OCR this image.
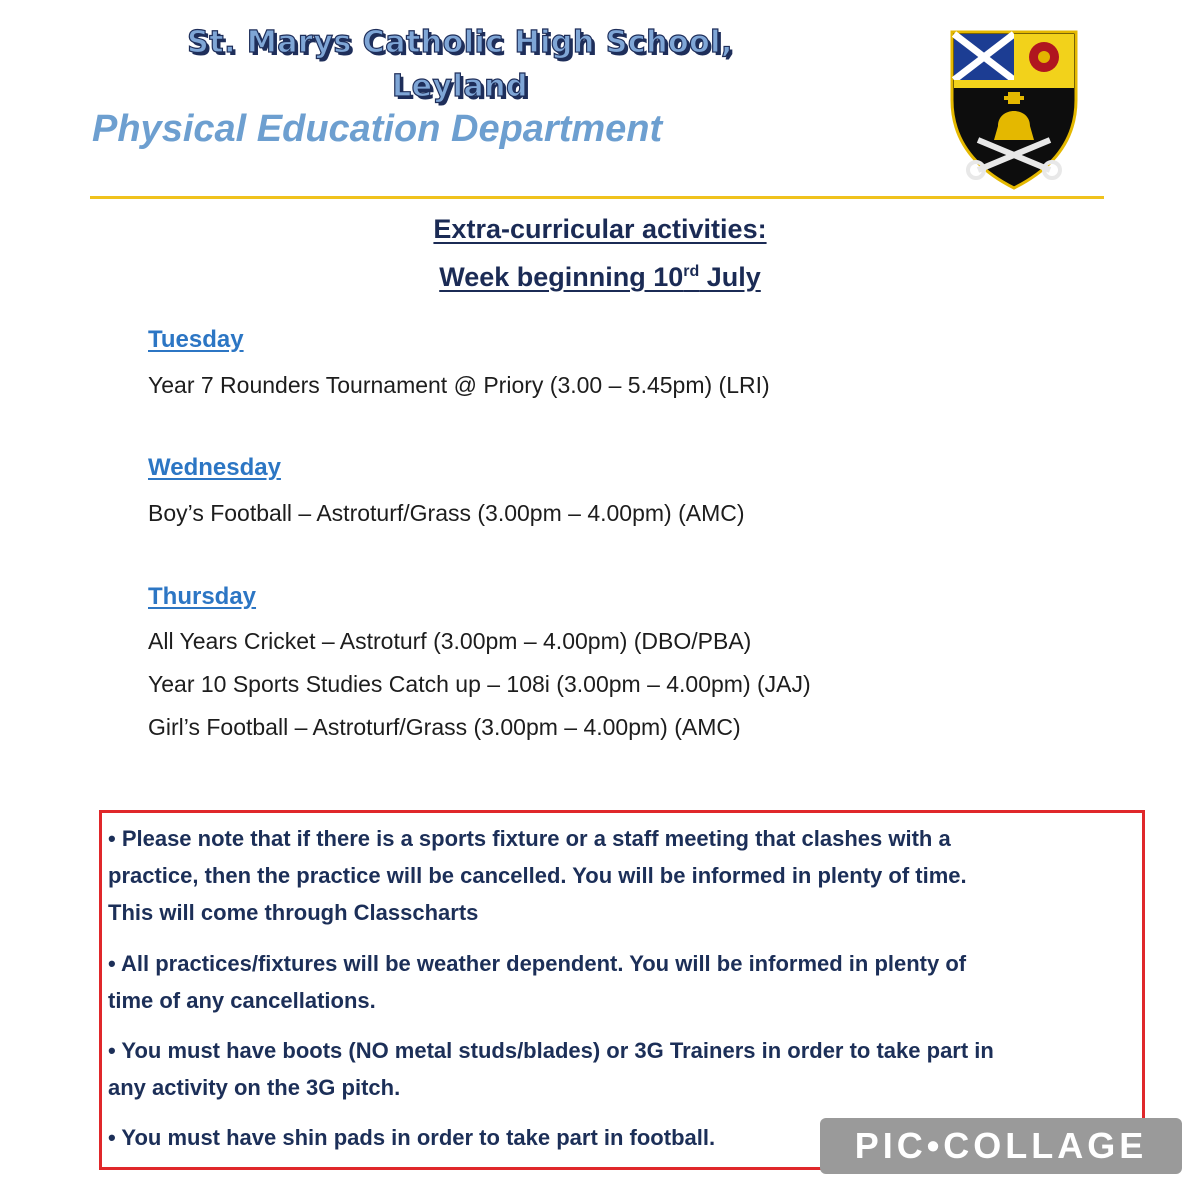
St. Marys Catholic High School,
Leyland
Physical Education Department
Extra-curricular activities:
Week beginning 10rd July
Tuesday
Year 7 Rounders Tournament @ Priory (3.00 – 5.45pm) (LRI)
Wednesday
Boy’s Football – Astroturf/Grass (3.00pm – 4.00pm) (AMC)
Thursday
All Years Cricket – Astroturf (3.00pm – 4.00pm) (DBO/PBA)
Year 10 Sports Studies Catch up – 108i (3.00pm – 4.00pm) (JAJ)
Girl’s Football – Astroturf/Grass (3.00pm – 4.00pm) (AMC)
• Please note that if there is a sports fixture or a staff meeting that clashes with a
practice, then the practice will be cancelled. You will be informed in plenty of time.
This will come through Classcharts
• All practices/fixtures will be weather dependent. You will be informed in plenty of
time of any cancellations.
• You must have boots (NO metal studs/blades) or 3G Trainers in order to take part in
any activity on the 3G pitch.
• You must have shin pads in order to take part in football.	PIC•COLLAGE
